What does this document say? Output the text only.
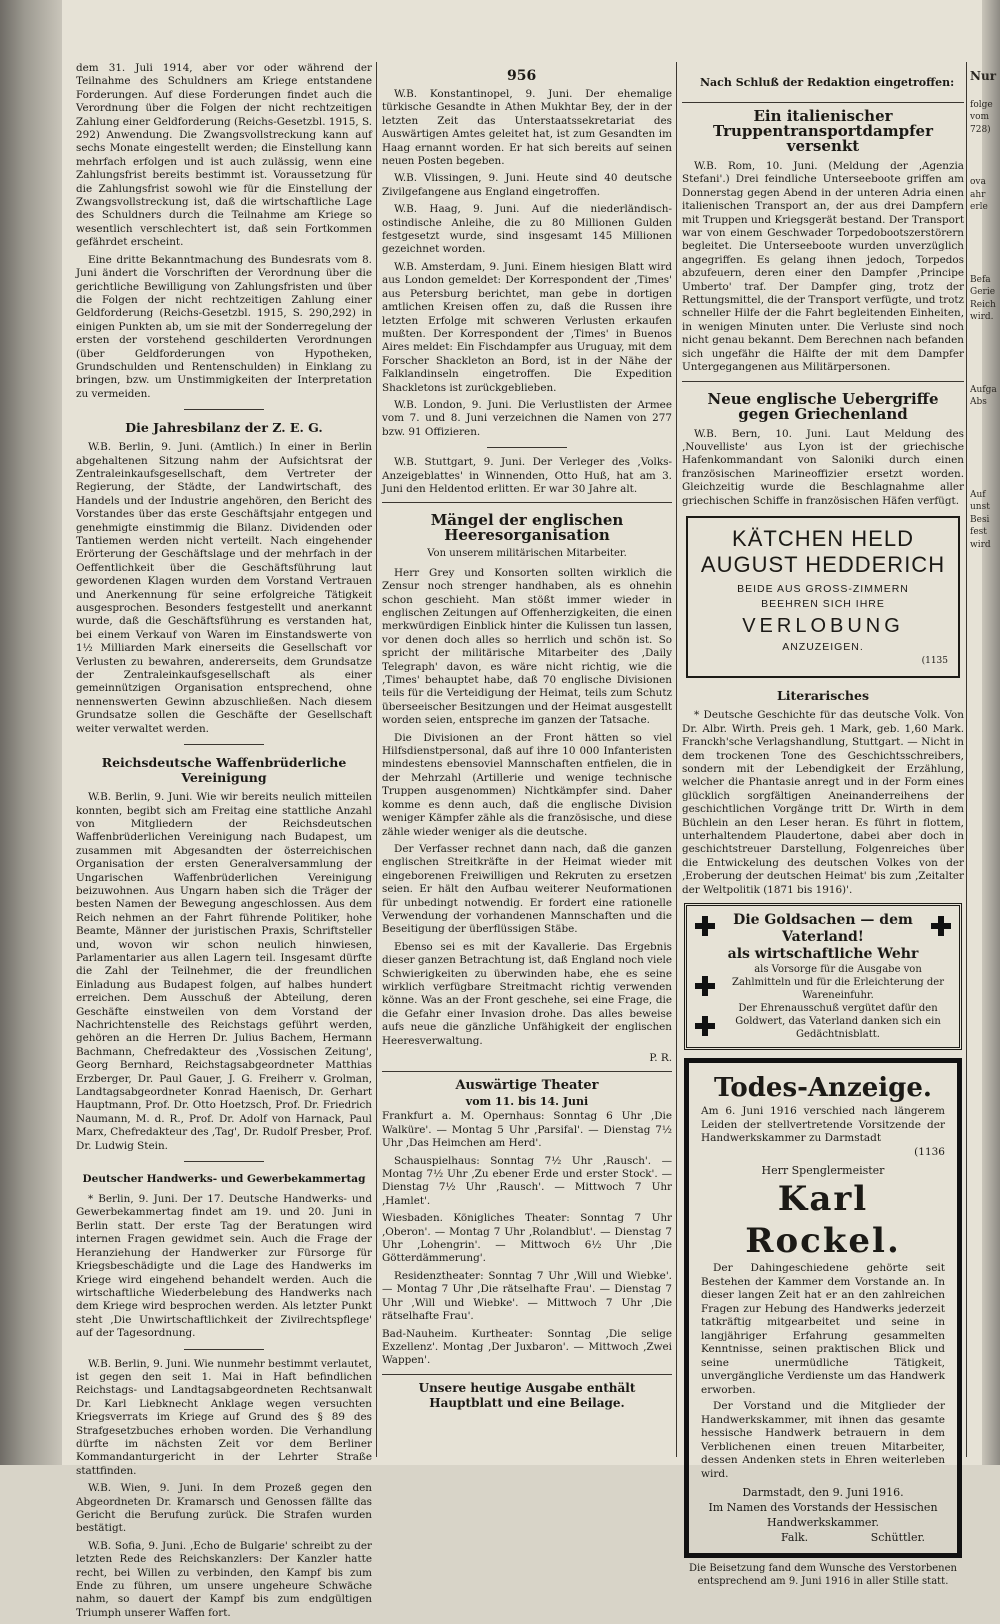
956	Nach Schluß der Redaktion eingetroffen:

dem 31. Juli 1914, aber vor oder während der Teilnahme des Schuldners am Kriege entstandene Forderungen. Auf diese Forderungen findet auch die Verordnung über die Folgen der nicht rechtzeitigen Zahlung einer Geldforderung (Reichs-Gesetzbl. 1915, S. 292) Anwendung. Die Zwangsvollstreckung kann auf sechs Monate eingestellt werden; die Einstellung kann mehrfach erfolgen und ist auch zulässig, wenn eine Zahlungsfrist bereits bestimmt ist. Voraussetzung für die Zahlungsfrist sowohl wie für die Einstellung der Zwangsvollstreckung ist, daß die wirtschaftliche Lage des Schuldners durch die Teilnahme am Kriege so wesentlich verschlechtert ist, daß sein Fortkommen gefährdet erscheint.

Eine dritte Bekanntmachung des Bundesrats vom 8. Juni ändert die Vorschriften der Verordnung über die gerichtliche Bewilligung von Zahlungsfristen und über die Folgen der nicht rechtzeitigen Zahlung einer Geldforderung (Reichs-Gesetzbl. 1915, S. 290,292) in einigen Punkten ab, um sie mit der Sonderregelung der ersten der vorstehend geschilderten Verordnungen (über Geldforderungen von Hypotheken, Grundschulden und Rentenschulden) in Einklang zu bringen, bzw. um Unstimmigkeiten der Interpretation zu vermeiden.

Die Jahresbilanz der Z. E. G.

W.B. Berlin, 9. Juni. (Amtlich.) In einer in Berlin abgehaltenen Sitzung nahm der Aufsichtsrat der Zentraleinkaufsgesellschaft, dem Vertreter der Regierung, der Städte, der Landwirtschaft, des Handels und der Industrie angehören, den Bericht des Vorstandes über das erste Geschäftsjahr entgegen und genehmigte einstimmig die Bilanz. Dividenden oder Tantiemen werden nicht verteilt. Nach eingehender Erörterung der Geschäftslage und der mehrfach in der Oeffentlichkeit über die Geschäftsführung laut gewordenen Klagen wurden dem Vorstand Vertrauen und Anerkennung für seine erfolgreiche Tätigkeit ausgesprochen. Besonders festgestellt und anerkannt wurde, daß die Geschäftsführung es verstanden hat, bei einem Verkauf von Waren im Einstandswerte von 1½ Milliarden Mark einerseits die Gesellschaft vor Verlusten zu bewahren, andererseits, dem Grundsatze der Zentraleinkaufsgesellschaft als einer gemeinnützigen Organisation entsprechend, ohne nennenswerten Gewinn abzuschließen. Nach diesem Grundsatze sollen die Geschäfte der Gesellschaft weiter verwaltet werden.

Reichsdeutsche Waffenbrüderliche Vereinigung

W.B. Berlin, 9. Juni. Wie wir bereits neulich mitteilen konnten, begibt sich am Freitag eine stattliche Anzahl von Mitgliedern der Reichsdeutschen Waffenbrüderlichen Vereinigung nach Budapest, um zusammen mit Abgesandten der österreichischen Organisation der ersten Generalversammlung der Ungarischen Waffenbrüderlichen Vereinigung beizuwohnen. Aus Ungarn haben sich die Träger der besten Namen der Bewegung angeschlossen. Aus dem Reich nehmen an der Fahrt führende Politiker, hohe Beamte, Männer der juristischen Praxis, Schriftsteller und, wovon wir schon neulich hinwiesen, Parlamentarier aus allen Lagern teil. Insgesamt dürfte die Zahl der Teilnehmer, die der freundlichen Einladung aus Budapest folgen, auf halbes hundert erreichen. Dem Ausschuß der Abteilung, deren Geschäfte einstweilen von dem Vorstand der Nachrichtenstelle des Reichstags geführt werden, gehören an die Herren Dr. Julius Bachem, Hermann Bachmann, Chefredakteur des ‚Vossischen Zeitung', Georg Bernhard, Reichstagsabgeordneter Matthias Erzberger, Dr. Paul Gauer, J. G. Freiherr v. Grolman, Landtagsabgeordneter Konrad Haenisch, Dr. Gerhart Hauptmann, Prof. Dr. Otto Hoetzsch, Prof. Dr. Friedrich Naumann, M. d. R., Prof. Dr. Adolf von Harnack, Paul Marx, Chefredakteur des ‚Tag', Dr. Rudolf Presber, Prof. Dr. Ludwig Stein.

Deutscher Handwerks- und Gewerbekammertag

* Berlin, 9. Juni. Der 17. Deutsche Handwerks- und Gewerbekammertag findet am 19. und 20. Juni in Berlin statt. Der erste Tag der Beratungen wird internen Fragen gewidmet sein. Auch die Frage der Heranziehung der Handwerker zur Fürsorge für Kriegsbeschädigte und die Lage des Handwerks im Kriege wird eingehend behandelt werden. Auch die wirtschaftliche Wiederbelebung des Handwerks nach dem Kriege wird besprochen werden. Als letzter Punkt steht ‚Die Unwirtschaftlichkeit der Zivilrechtspflege' auf der Tagesordnung.

W.B. Berlin, 9. Juni. Wie nunmehr bestimmt verlautet, ist gegen den seit 1. Mai in Haft befindlichen Reichstags- und Landtagsabgeordneten Rechtsanwalt Dr. Karl Liebknecht Anklage wegen versuchten Kriegsverrats im Kriege auf Grund des § 89 des Strafgesetzbuches erhoben worden. Die Verhandlung dürfte im nächsten Zeit vor dem Berliner Kommandanturgericht in der Lehrter Straße stattfinden.

W.B. Wien, 9. Juni. In dem Prozeß gegen den Abgeordneten Dr. Kramarsch und Genossen fällte das Gericht die Berufung zurück. Die Strafen wurden bestätigt.

W.B. Sofia, 9. Juni. ‚Echo de Bulgarie' schreibt zu der letzten Rede des Reichskanzlers: Der Kanzler hatte recht, bei Willen zu verbinden, den Kampf bis zum Ende zu führen, um unsere ungeheure Schwäche nahm, so dauert der Kampf bis zum endgültigen Triumph unserer Waffen fort.

W.B. Konstantinopel, 9. Juni. Der ehemalige türkische Gesandte in Athen Mukhtar Bey, der in der letzten Zeit das Unterstaatssekretariat des Auswärtigen Amtes geleitet hat, ist zum Gesandten im Haag ernannt worden. Er hat sich bereits auf seinen neuen Posten begeben.

W.B. Vlissingen, 9. Juni. Heute sind 40 deutsche Zivilgefangene aus England eingetroffen.

W.B. Haag, 9. Juni. Auf die niederländisch-ostindische Anleihe, die zu 80 Millionen Gulden festgesetzt wurde, sind insgesamt 145 Millionen gezeichnet worden.

W.B. Amsterdam, 9. Juni. Einem hiesigen Blatt wird aus London gemeldet: Der Korrespondent der ‚Times' aus Petersburg berichtet, man gebe in dortigen amtlichen Kreisen offen zu, daß die Russen ihre letzten Erfolge mit schweren Verlusten erkaufen mußten. Der Korrespondent der ‚Times' in Buenos Aires meldet: Ein Fischdampfer aus Uruguay, mit dem Forscher Shackleton an Bord, ist in der Nähe der Falklandinseln eingetroffen. Die Expedition Shackletons ist zurückgeblieben.

W.B. London, 9. Juni. Die Verlustlisten der Armee vom 7. und 8. Juni verzeichnen die Namen von 277 bzw. 91 Offizieren.

W.B. Stuttgart, 9. Juni. Der Verleger des ‚Volks-Anzeigeblattes' in Winnenden, Otto Huß, hat am 3. Juni den Heldentod erlitten. Er war 30 Jahre alt.

Mängel der englischen Heeresorganisation
Von unserem militärischen Mitarbeiter.

Herr Grey und Konsorten sollten wirklich die Zensur noch strenger handhaben, als es ohnehin schon geschieht. Man stößt immer wieder in englischen Zeitungen auf Offenherzigkeiten, die einen merkwürdigen Einblick hinter die Kulissen tun lassen, vor denen doch alles so herrlich und schön ist. So spricht der militärische Mitarbeiter des ‚Daily Telegraph' davon, es wäre nicht richtig, wie die ‚Times' behauptet habe, daß 70 englische Divisionen teils für die Verteidigung der Heimat, teils zum Schutz überseeischer Besitzungen und der Heimat ausgestellt worden seien, entspreche im ganzen der Tatsache.

Die Divisionen an der Front hätten so viel Hilfsdienstpersonal, daß auf ihre 10 000 Infanteristen mindestens ebensoviel Mannschaften entfielen, die in der Mehrzahl (Artillerie und wenige technische Truppen ausgenommen) Nichtkämpfer sind. Daher komme es denn auch, daß die englische Division weniger Kämpfer zähle als die französische, und diese zähle wieder weniger als die deutsche.

Der Verfasser rechnet dann nach, daß die ganzen englischen Streitkräfte in der Heimat wieder mit eingeborenen Freiwilligen und Rekruten zu ersetzen seien. Er hält den Aufbau weiterer Neuformationen für unbedingt notwendig. Er fordert eine rationelle Verwendung der vorhandenen Mannschaften und die Beseitigung der überflüssigen Stäbe.

Ebenso sei es mit der Kavallerie. Das Ergebnis dieser ganzen Betrachtung ist, daß England noch viele Schwierigkeiten zu überwinden habe, ehe es seine wirklich verfügbare Streitmacht richtig verwenden könne. Was an der Front geschehe, sei eine Frage, die die Gefahr einer Invasion drohe. Das alles beweise aufs neue die gänzliche Unfähigkeit der englischen Heeresverwaltung.

P. R.
Auswärtige Theater
vom 11. bis 14. Juni

Frankfurt a. M. Opernhaus: Sonntag 6 Uhr ‚Die Walküre'. — Montag 5 Uhr ‚Parsifal'. — Dienstag 7½ Uhr ‚Das Heimchen am Herd'.

Schauspielhaus: Sonntag 7½ Uhr ‚Rausch'. — Montag 7½ Uhr ‚Zu ebener Erde und erster Stock'. — Dienstag 7½ Uhr ‚Rausch'. — Mittwoch 7 Uhr ‚Hamlet'.

Wiesbaden. Königliches Theater: Sonntag 7 Uhr ‚Oberon'. — Montag 7 Uhr ‚Rolandblut'. — Dienstag 7 Uhr ‚Lohengrin'. — Mittwoch 6½ Uhr ‚Die Götterdämmerung'.

Residenztheater: Sonntag 7 Uhr ‚Will und Wiebke'. — Montag 7 Uhr ‚Die rätselhafte Frau'. — Dienstag 7 Uhr ‚Will und Wiebke'. — Mittwoch 7 Uhr ‚Die rätselhafte Frau'.

Bad-Nauheim. Kurtheater: Sonntag ‚Die selige Exzellenz'. Montag ‚Der Juxbaron'. — Mittwoch ‚Zwei Wappen'.

Unsere heutige Ausgabe enthält Hauptblatt und eine Beilage.
Ein italienischer Truppentransportdampfer versenkt

W.B. Rom, 10. Juni. (Meldung der ‚Agenzia Stefani'.) Drei feindliche Unterseeboote griffen am Donnerstag gegen Abend in der unteren Adria einen italienischen Transport an, der aus drei Dampfern mit Truppen und Kriegsgerät bestand. Der Transport war von einem Geschwader Torpedobootszerstörern begleitet. Die Unterseeboote wurden unverzüglich angegriffen. Es gelang ihnen jedoch, Torpedos abzufeuern, deren einer den Dampfer ‚Principe Umberto' traf. Der Dampfer ging, trotz der Rettungsmittel, die der Transport verfügte, und trotz schneller Hilfe der die Fahrt begleitenden Einheiten, in wenigen Minuten unter. Die Verluste sind noch nicht genau bekannt. Dem Berechnen nach befanden sich ungefähr die Hälfte der mit dem Dampfer Untergegangenen aus Militärpersonen.

Neue englische Uebergriffe gegen Griechenland

W.B. Bern, 10. Juni. Laut Meldung des ‚Nouvelliste' aus Lyon ist der griechische Hafenkommandant von Saloniki durch einen französischen Marineoffizier ersetzt worden. Gleichzeitig wurde die Beschlagnahme aller griechischen Schiffe in französischen Häfen verfügt.

KÄTCHEN HELD
AUGUST HEDDERICH
BEIDE AUS GROSS-ZIMMERN
BEEHREN SICH IHRE
VERLOBUNG
ANZUZEIGEN.
(1135
Literarisches

* Deutsche Geschichte für das deutsche Volk. Von Dr. Albr. Wirth. Preis geh. 1 Mark, geb. 1,60 Mark. Franckh'sche Verlagshandlung, Stuttgart. — Nicht in dem trockenen Tone des Geschichtsschreibers, sondern mit der Lebendigkeit der Erzählung, welcher die Phantasie anregt und in der Form eines glücklich sorgfältigen Aneinanderreihens der geschichtlichen Vorgänge tritt Dr. Wirth in dem Büchlein an den Leser heran. Es führt in flottem, unterhaltendem Plaudertone, dabei aber doch in geschichtstreuer Darstellung, Folgenreiches über die Entwickelung des deutschen Volkes von der ‚Eroberung der deutschen Heimat' bis zum ‚Zeitalter der Weltpolitik (1871 bis 1916)'.

Die Goldsachen — dem
Vaterland!
als wirtschaftliche Wehr
als Vorsorge für die Ausgabe von Zahlmitteln und für die Erleichterung der Wareneinfuhr.
Der Ehrenausschuß vergütet dafür den Goldwert, das Vaterland danken sich ein Gedächtnisblatt.
Todes-Anzeige.
Am 6. Juni 1916 verschied nach längerem Leiden der stellvertretende Vorsitzende der Handwerkskammer zu Darmstadt
(1136
Herr Spenglermeister
Karl Rockel.
Der Dahingeschiedene gehörte seit Bestehen der Kammer dem Vorstande an. In dieser langen Zeit hat er an den zahlreichen Fragen zur Hebung des Handwerks jederzeit tatkräftig mitgearbeitet und seine in langjähriger Erfahrung gesammelten Kenntnisse, seinen praktischen Blick und seine unermüdliche Tätigkeit, unvergängliche Verdienste um das Handwerk erworben.
Der Vorstand und die Mitglieder der Handwerkskammer, mit ihnen das gesamte hessische Handwerk betrauern in dem Verblichenen einen treuen Mitarbeiter, dessen Andenken stets in Ehren weiterleben wird.
Darmstadt, den 9. Juni 1916.
Im Namen des Vorstands der Hessischen Handwerkskammer.
Falk.	Schüttler.
Die Beisetzung fand dem Wunsche des Verstorbenen entsprechend am 9. Juni 1916 in aller Stille statt.
Nur
folge
vom
728)
ova
ahr
erle
Befa
Gerie
Reich
wird.
Aufga
Abs
Auf
unst
Besi
fest
wird
